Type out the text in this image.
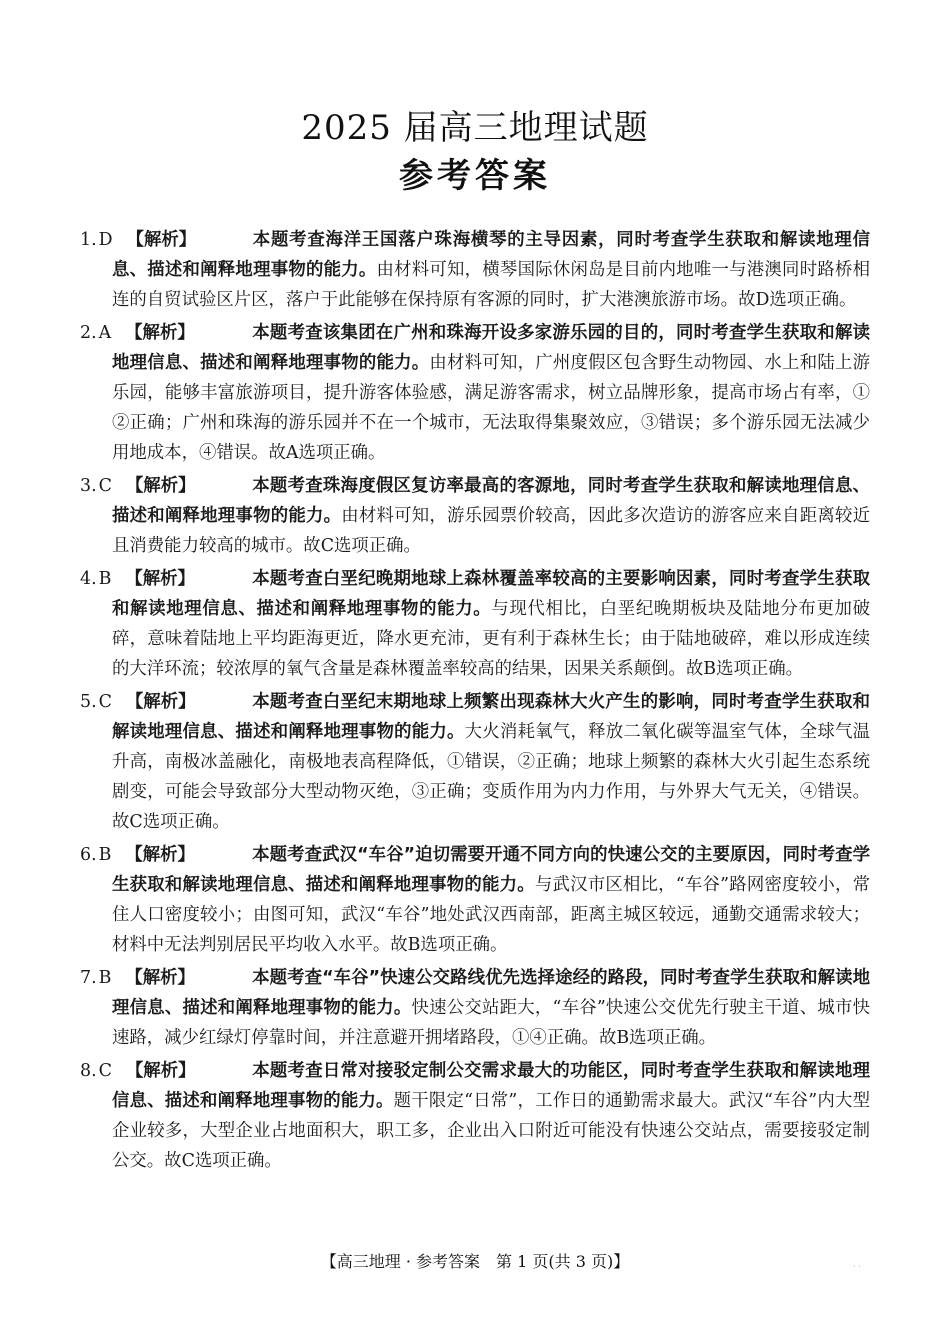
2025 届高三地理试题
参考答案
1. D 【解析】	本题考查海洋王国落户珠海横琴的主导因素，同时考查学生获取和解读地理信息、描述和阐释地理事物的能力。由材料可知，横琴国际休闲岛是目前内地唯一与港澳同时路桥相连的自贸试验区片区，落户于此能够在保持原有客源的同时，扩大港澳旅游市场。故D选项正确。
2. A 【解析】	本题考查该集团在广州和珠海开设多家游乐园的目的，同时考查学生获取和解读地理信息、描述和阐释地理事物的能力。由材料可知，广州度假区包含野生动物园、水上和陆上游乐园，能够丰富旅游项目，提升游客体验感，满足游客需求，树立品牌形象，提高市场占有率，①②正确；广州和珠海的游乐园并不在一个城市，无法取得集聚效应，③错误；多个游乐园无法减少用地成本，④错误。故A选项正确。
3. C 【解析】	本题考查珠海度假区复访率最高的客源地，同时考查学生获取和解读地理信息、描述和阐释地理事物的能力。由材料可知，游乐园票价较高，因此多次造访的游客应来自距离较近且消费能力较高的城市。故C选项正确。
4. B 【解析】	本题考查白垩纪晚期地球上森林覆盖率较高的主要影响因素，同时考查学生获取和解读地理信息、描述和阐释地理事物的能力。与现代相比，白垩纪晚期板块及陆地分布更加破碎，意味着陆地上平均距海更近，降水更充沛，更有利于森林生长；由于陆地破碎，难以形成连续的大洋环流；较浓厚的氧气含量是森林覆盖率较高的结果，因果关系颠倒。故B选项正确。
5. C 【解析】	本题考查白垩纪末期地球上频繁出现森林大火产生的影响，同时考查学生获取和解读地理信息、描述和阐释地理事物的能力。大火消耗氧气，释放二氧化碳等温室气体，全球气温升高，南极冰盖融化，南极地表高程降低，①错误，②正确；地球上频繁的森林大火引起生态系统剧变，可能会导致部分大型动物灭绝，③正确；变质作用为内力作用，与外界大气无关，④错误。故C选项正确。
6. B 【解析】	本题考查武汉“车谷”迫切需要开通不同方向的快速公交的主要原因，同时考查学生获取和解读地理信息、描述和阐释地理事物的能力。与武汉市区相比，“车谷”路网密度较小，常住人口密度较小；由图可知，武汉“车谷”地处武汉西南部，距离主城区较远，通勤交通需求较大；材料中无法判别居民平均收入水平。故B选项正确。
7. B 【解析】	本题考查“车谷”快速公交路线优先选择途经的路段，同时考查学生获取和解读地理信息、描述和阐释地理事物的能力。快速公交站距大，“车谷”快速公交优先行驶主干道、城市快速路，减少红绿灯停靠时间，并注意避开拥堵路段，①④正确。故B选项正确。
8. C 【解析】	本题考查日常对接驳定制公交需求最大的功能区，同时考查学生获取和解读地理信息、描述和阐释地理事物的能力。题干限定“日常”，工作日的通勤需求最大。武汉“车谷”内大型企业较多，大型企业占地面积大，职工多，企业出入口附近可能没有快速公交站点，需要接驳定制公交。故C选项正确。
【高三地理 · 参考答案　第 1 页(共 3 页)】	· ·
